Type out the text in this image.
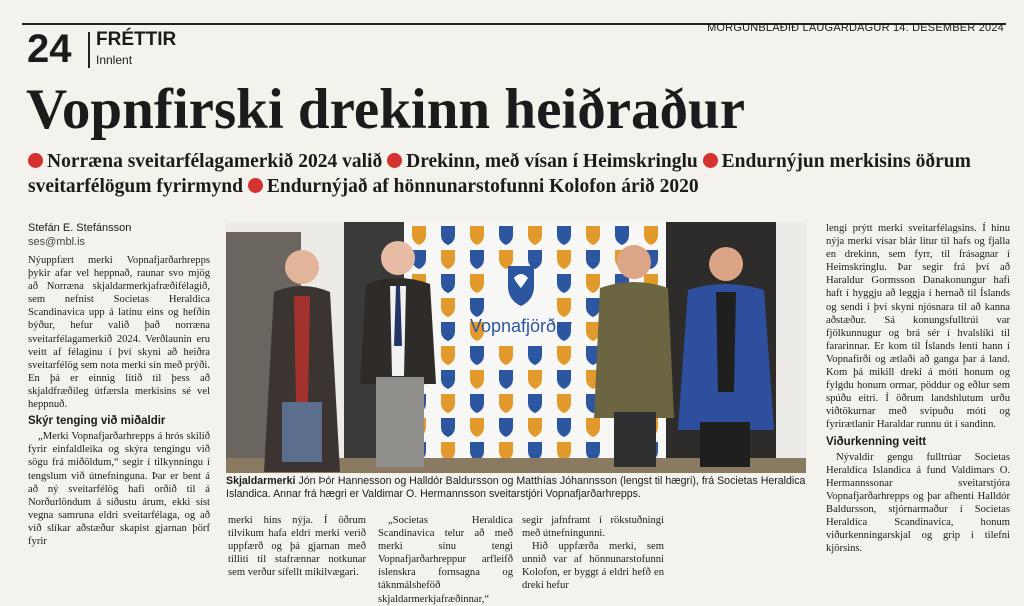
24 FRÉTTIR
Innlent
MORGUNBLAÐIÐ LAUGARDAGUR 14. DESEMBER 2024
Vopnfirski drekinn heiðraður
Norræna sveitarfélagamerkið 2024 valið Drekinn, með vísan í Heimskringlu Endurnýjun merkisins öðrum sveitarfélögum fyrirmynd Endurnýjað af hönnunarstofunni Kolofon árið 2020
Stefán E. Stefánsson
ses@mbl.is

Nýuppfært merki Vopnafjarðarhrepps þykir afar vel heppnað, raunar svo mjög að Norræna skjaldarmerkjafræðifélagið, sem nefnist Societas Heraldica Scandinavica upp á latínu eins og hefðin býður, hefur valið það norræna sveitarfélagamerkið 2024. Verðlaunin eru veitt af félaginu í því skyni að heiðra sveitarfélög sem nota merki sín með prýði. En þá er einnig litið til þess að skjaldfræðileg útfærsla merkisins sé vel heppnuð.

Skýr tenging við miðaldir

„Merki Vopnafjarðarhrepps á hrós skilið fyrir einfaldleika og skýra tengingu við sögu frá miðöldum,“ segir í tilkynningu í tengslum við útnefninguna. Þar er bent á að ný sveitarfélög hafi orðið til á Norðurlöndum á síðustu árum, ekki síst vegna samruna eldri sveitarfélaga, og að við slíkar aðstæður skapist gjarnan þörf fyrir

Vopnafjörður
Skjaldarmerki Jón Þór Hannesson og Halldór Baldursson og Matthías Jóhannsson (lengst til hægri), frá Societas Heraldica Islandica. Annar frá hægri er Valdimar O. Hermannsson sveitarstjóri Vopnafjarðarhrepps.

merki hins nýja. Í öðrum tilvikum hafa eldri merki verið uppfærð og þá gjarnan með tilliti til stafrænnar notkunar sem verður sífellt mikilvægari.

„Societas Heraldica Scandinavica telur að með merki sínu tengi Vopnafjarðarhreppur arfleifð íslenskra fornsagna og táknmálsheföð skjaldarmerkjafræðinnar,“

segir jafnframt í rökstuðningi með útnefningunni.

Hið uppfærða merki, sem unnið var af hönnunarstofunni Kolofon, er byggt á eldri hefð en dreki hefur

lengi prýtt merki sveitarfélagsins. Í hinu nýja merki vísar blár litur til hafs og fjalla en drekinn, sem fyrr, til frásagnar í Heimskringlu. Þar segir frá því að Haraldur Gormsson Danakonungur hafi haft í hyggju að leggja í hernað til Íslands og sendi í því skyni njósnara til að kanna aðstæður. Sá konungsfulltrúi var fjölkunnugur og brá sér í hvalslíki til fararinnar. Er kom til Íslands lenti hann í Vopnafirði og ætlaði að ganga þar á land. Kom þá mikill dreki á móti honum og fylgdu honum ormar, pöddur og eðlur sem spúðu eitri. Í öðrum landshlutum urðu viðtökurnar með svipuðu móti og fyrirætlanir Haraldar runnu út í sandinn.

Viðurkenning veitt

Nývaldir gengu fulltrúar Societas Heraldica Islandica á fund Valdimars O. Hermannssonar sveitarstjóra Vopnafjarðarhrepps og þar afhenti Halldór Baldursson, stjórnarmaður í Societas Heraldica Scandinavica, honum viðurkenningarskjal og grip í tilefni kjörsins.
